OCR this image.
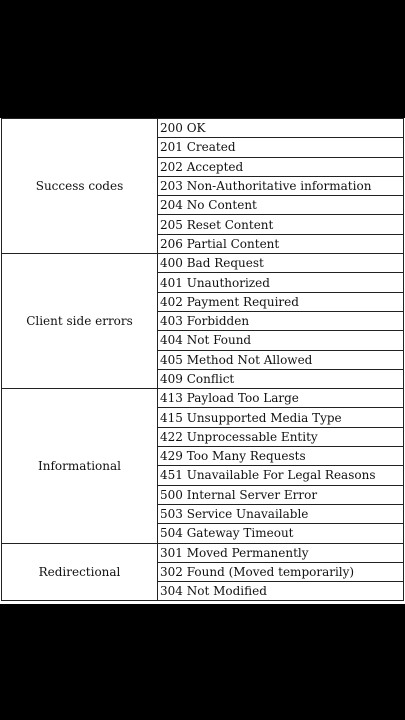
Success codes	200 OK
	201 Created
	202 Accepted
	203 Non-Authoritative information
	204 No Content
	205 Reset Content
	206 Partial Content
Client side errors	400 Bad Request
	401 Unauthorized
	402 Payment Required
	403 Forbidden
	404 Not Found
	405 Method Not Allowed
	409 Conflict
Informational	413 Payload Too Large
	415 Unsupported Media Type
	422 Unprocessable Entity
	429 Too Many Requests
	451 Unavailable For Legal Reasons
	500 Internal Server Error
	503 Service Unavailable
	504 Gateway Timeout
Redirectional	301 Moved Permanently
	302 Found (Moved temporarily)
	304 Not Modified
